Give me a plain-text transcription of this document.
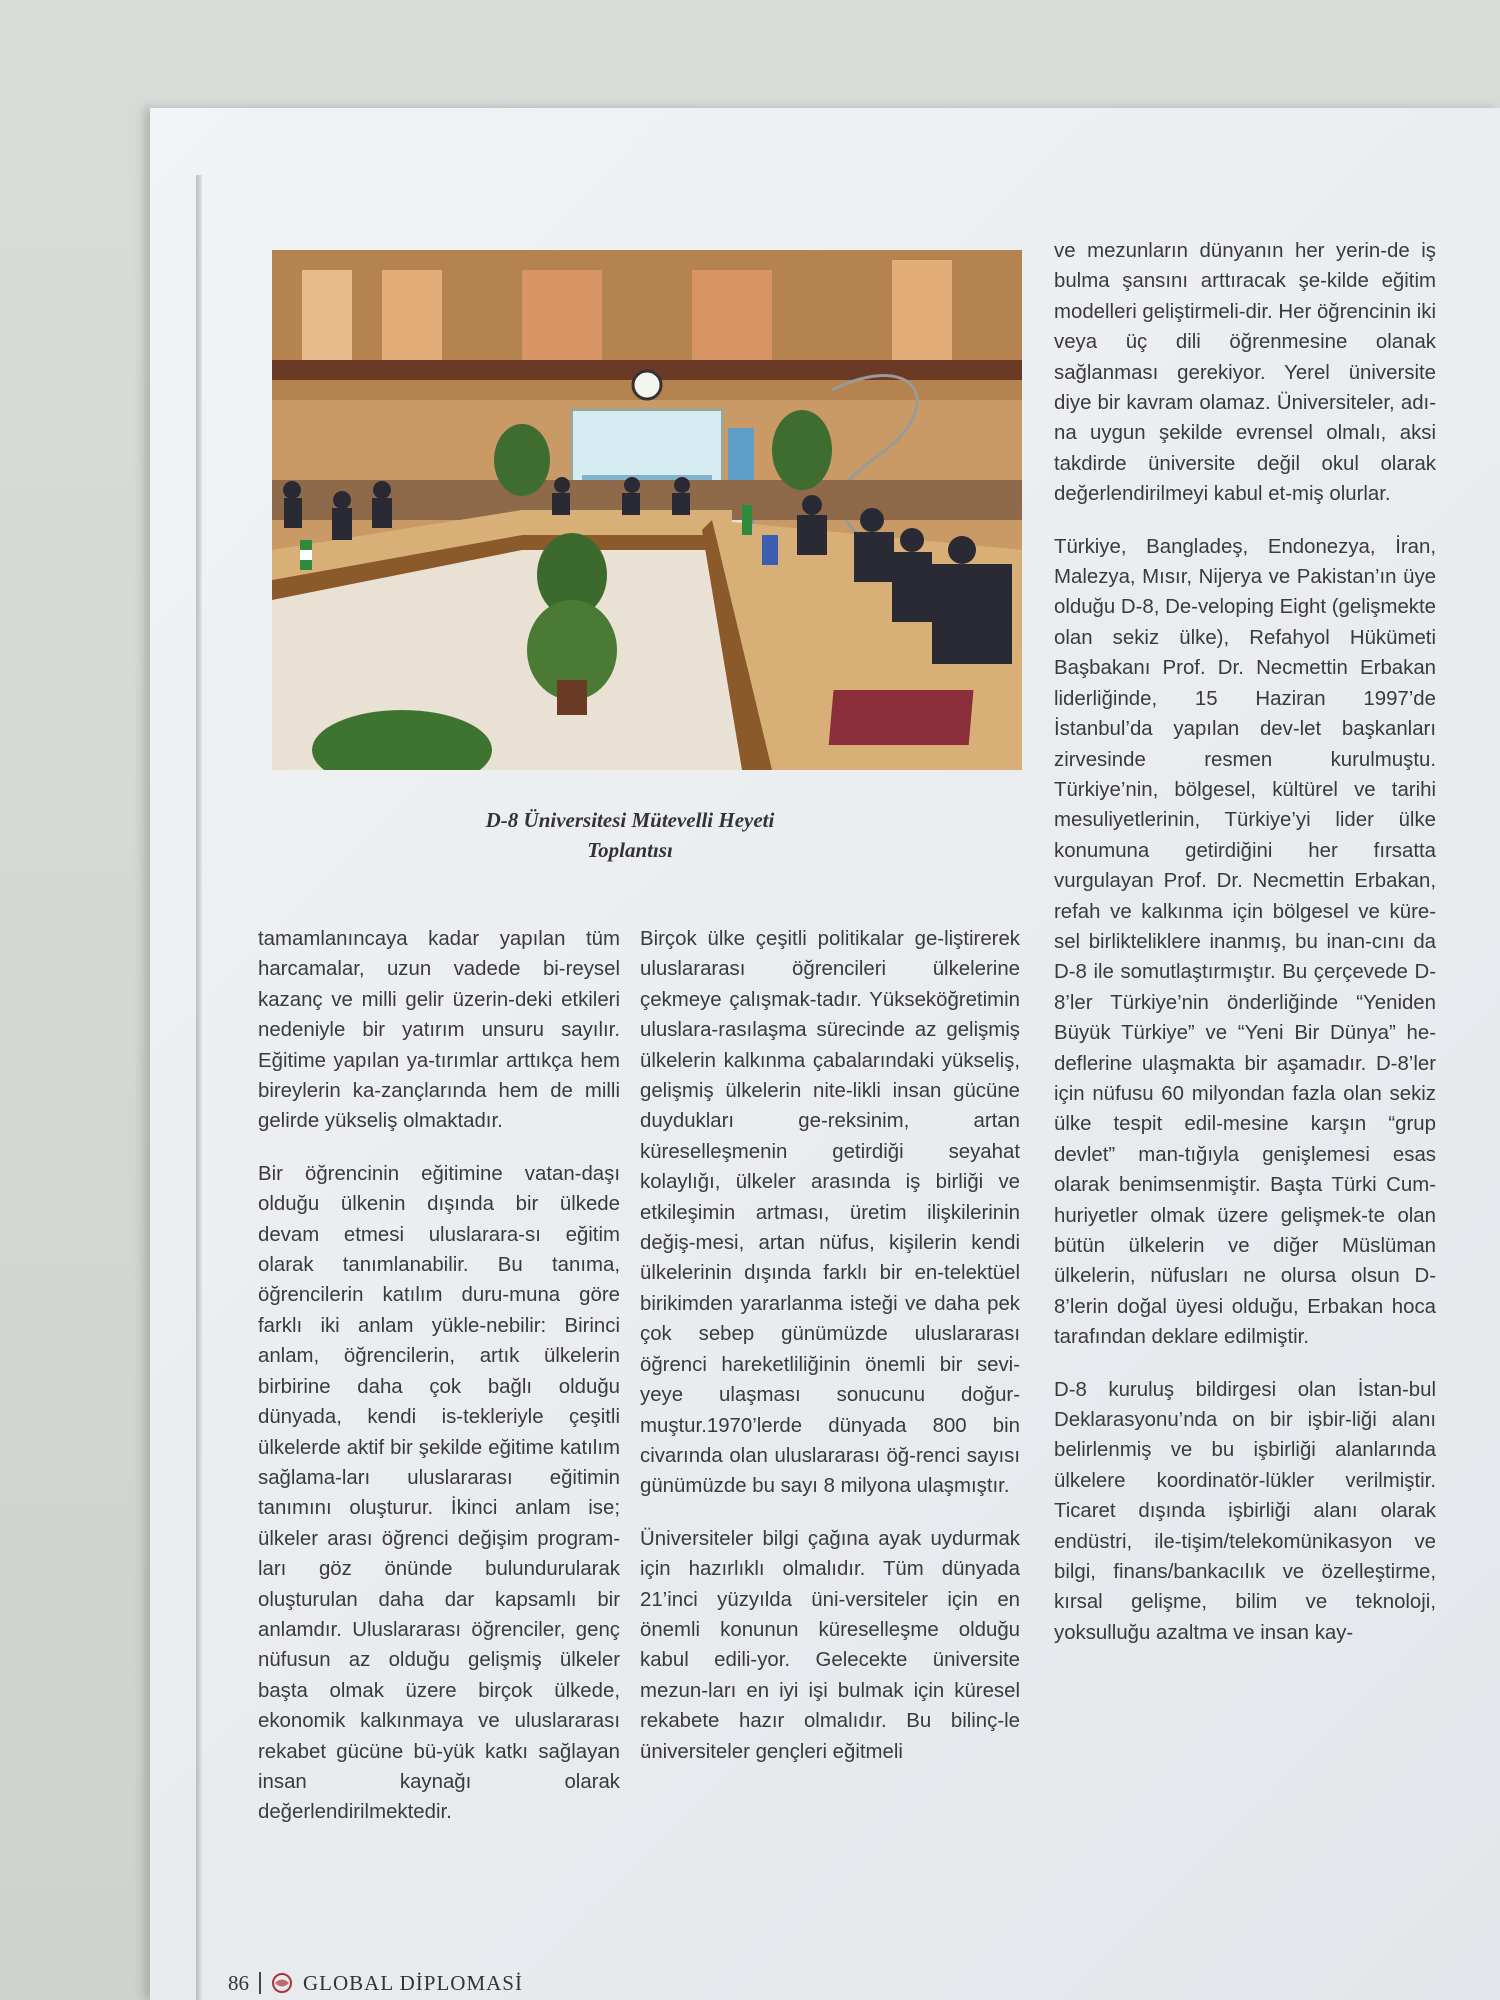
D-8 Üniversitesi Mütevelli Heyeti
Toplantısı

tamamlanıncaya kadar yapılan tüm harcamalar, uzun vadede bi-reysel kazanç ve milli gelir üzerin-deki etkileri nedeniyle bir yatırım unsuru sayılır. Eğitime yapılan ya-tırımlar arttıkça hem bireylerin ka-zançlarında hem de milli gelirde yükseliş olmaktadır.

Bir öğrencinin eğitimine vatan-daşı olduğu ülkenin dışında bir ülkede devam etmesi uluslarara-sı eğitim olarak tanımlanabilir. Bu tanıma, öğrencilerin katılım duru-muna göre farklı iki anlam yükle-nebilir: Birinci anlam, öğrencilerin, artık ülkelerin birbirine daha çok bağlı olduğu dünyada, kendi is-tekleriyle çeşitli ülkelerde aktif bir şekilde eğitime katılım sağlama-ları uluslararası eğitimin tanımını oluşturur. İkinci anlam ise; ülkeler arası öğrenci değişim program-ları göz önünde bulundurularak oluşturulan daha dar kapsamlı bir anlamdır. Uluslararası öğrenciler, genç nüfusun az olduğu gelişmiş ülkeler başta olmak üzere birçok ülkede, ekonomik kalkınmaya ve uluslararası rekabet gücüne bü-yük katkı sağlayan insan kaynağı olarak değerlendirilmektedir.

Birçok ülke çeşitli politikalar ge-liştirerek uluslararası öğrencileri ülkelerine çekmeye çalışmak-tadır. Yükseköğretimin uluslara-rasılaşma sürecinde az gelişmiş ülkelerin kalkınma çabalarındaki yükseliş, gelişmiş ülkelerin nite-likli insan gücüne duydukları ge-reksinim, artan küreselleşmenin getirdiği seyahat kolaylığı, ülkeler arasında iş birliği ve etkileşimin artması, üretim ilişkilerinin değiş-mesi, artan nüfus, kişilerin kendi ülkelerinin dışında farklı bir en-telektüel birikimden yararlanma isteği ve daha pek çok sebep günümüzde uluslararası öğrenci hareketliliğinin önemli bir sevi-yeye ulaşması sonucunu doğur-muştur.1970’lerde dünyada 800 bin civarında olan uluslararası öğ-renci sayısı günümüzde bu sayı 8 milyona ulaşmıştır.

Üniversiteler bilgi çağına ayak uydurmak için hazırlıklı olmalıdır. Tüm dünyada 21’inci yüzyılda üni-versiteler için en önemli konunun küreselleşme olduğu kabul edili-yor. Gelecekte üniversite mezun-ları en iyi işi bulmak için küresel rekabete hazır olmalıdır. Bu bilinç-le üniversiteler gençleri eğitmeli

ve mezunların dünyanın her yerin-de iş bulma şansını arttıracak şe-kilde eğitim modelleri geliştirmeli-dir. Her öğrencinin iki veya üç dili öğrenmesine olanak sağlanması gerekiyor. Yerel üniversite diye bir kavram olamaz. Üniversiteler, adı-na uygun şekilde evrensel olmalı, aksi takdirde üniversite değil okul olarak değerlendirilmeyi kabul et-miş olurlar.

Türkiye, Bangladeş, Endonezya, İran, Malezya, Mısır, Nijerya ve Pakistan’ın üye olduğu D-8, De-veloping Eight (gelişmekte olan sekiz ülke), Refahyol Hükümeti Başbakanı Prof. Dr. Necmettin Erbakan liderliğinde, 15 Haziran 1997’de İstanbul’da yapılan dev-let başkanları zirvesinde resmen kurulmuştu. Türkiye’nin, bölgesel, kültürel ve tarihi mesuliyetlerinin, Türkiye’yi lider ülke konumuna getirdiğini her fırsatta vurgulayan Prof. Dr. Necmettin Erbakan, refah ve kalkınma için bölgesel ve küre-sel birlikteliklere inanmış, bu inan-cını da D-8 ile somutlaştırmıştır. Bu çerçevede D-8’ler Türkiye’nin önderliğinde “Yeniden Büyük Türkiye” ve “Yeni Bir Dünya” he-deflerine ulaşmakta bir aşamadır. D-8’ler için nüfusu 60 milyondan fazla olan sekiz ülke tespit edil-mesine karşın “grup devlet” man-tığıyla genişlemesi esas olarak benimsenmiştir. Başta Türki Cum-huriyetler olmak üzere gelişmek-te olan bütün ülkelerin ve diğer Müslüman ülkelerin, nüfusları ne olursa olsun D-8’lerin doğal üyesi olduğu, Erbakan hoca tarafından deklare edilmiştir.

D-8 kuruluş bildirgesi olan İstan-bul Deklarasyonu’nda on bir işbir-liği alanı belirlenmiş ve bu işbirliği alanlarında ülkelere koordinatör-lükler verilmiştir. Ticaret dışında işbirliği alanı olarak endüstri, ile-tişim/telekomünikasyon ve bilgi, finans/bankacılık ve özelleştirme, kırsal gelişme, bilim ve teknoloji, yoksulluğu azaltma ve insan kay-

86	GLOBAL DİPLOMASİ
